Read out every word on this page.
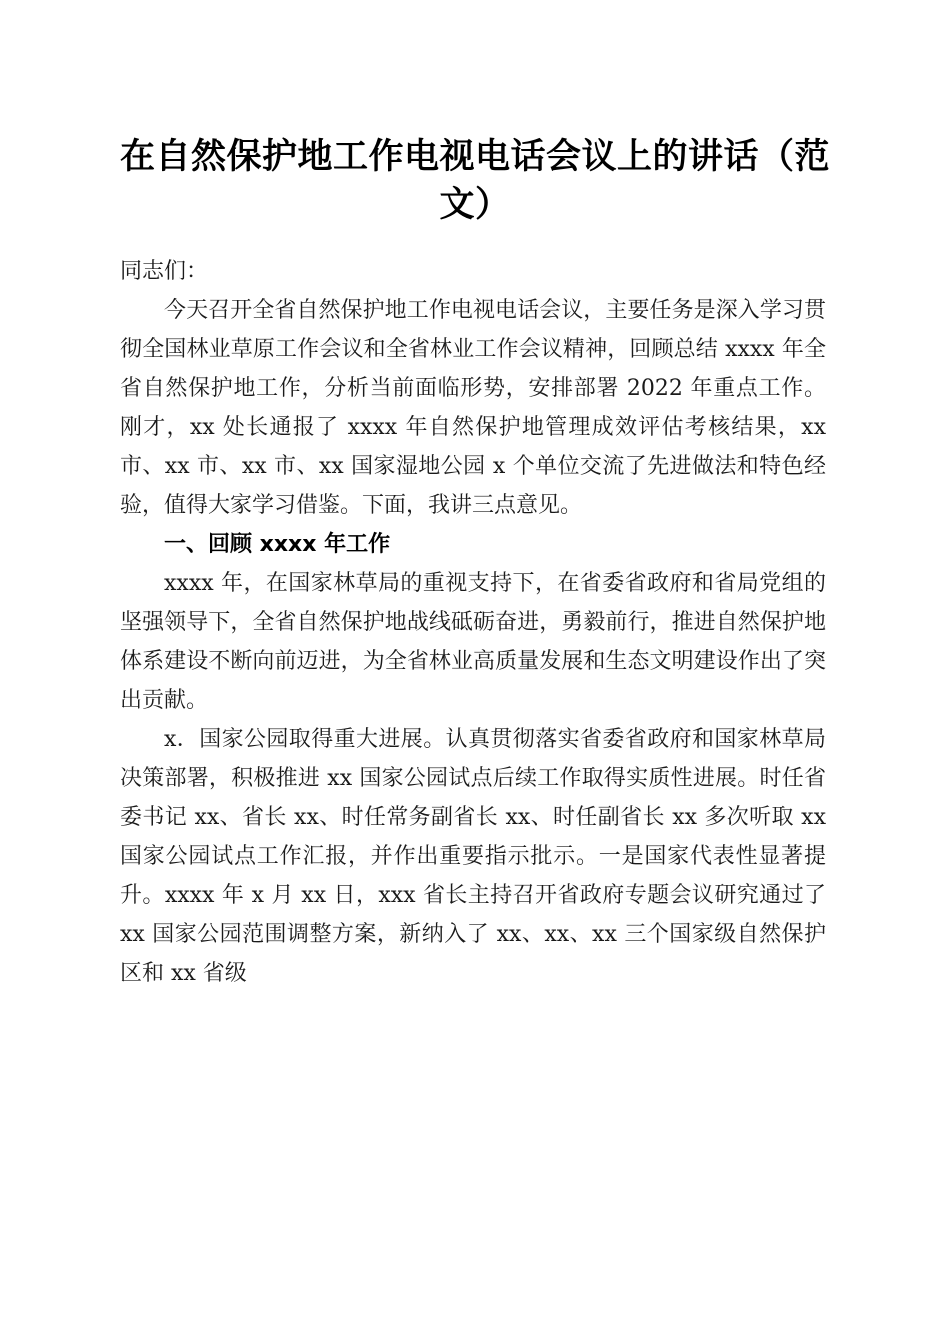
在自然保护地工作电视电话会议上的讲话（范
文）

同志们：

今天召开全省自然保护地工作电视电话会议，主要任务是深入学习贯彻全国林业草原工作会议和全省林业工作会议精神，回顾总结 xxxx 年全省自然保护地工作，分析当前面临形势，安排部署 2022 年重点工作。刚才，xx 处长通报了 xxxx 年自然保护地管理成效评估考核结果，xx 市、xx 市、xx 市、xx 国家湿地公园 x 个单位交流了先进做法和特色经验，值得大家学习借鉴。下面，我讲三点意见。

一、回顾 xxxx 年工作

xxxx 年，在国家林草局的重视支持下，在省委省政府和省局党组的坚强领导下，全省自然保护地战线砥砺奋进，勇毅前行，推进自然保护地体系建设不断向前迈进，为全省林业高质量发展和生态文明建设作出了突出贡献。

x．国家公园取得重大进展。认真贯彻落实省委省政府和国家林草局决策部署，积极推进 xx 国家公园试点后续工作取得实质性进展。时任省委书记 xx、省长 xx、时任常务副省长 xx、时任副省长 xx 多次听取 xx 国家公园试点工作汇报，并作出重要指示批示。一是国家代表性显著提升。xxxx 年 x 月 xx 日，xxx 省长主持召开省政府专题会议研究通过了 xx 国家公园范围调整方案，新纳入了 xx、xx、xx 三个国家级自然保护区和 xx 省级
